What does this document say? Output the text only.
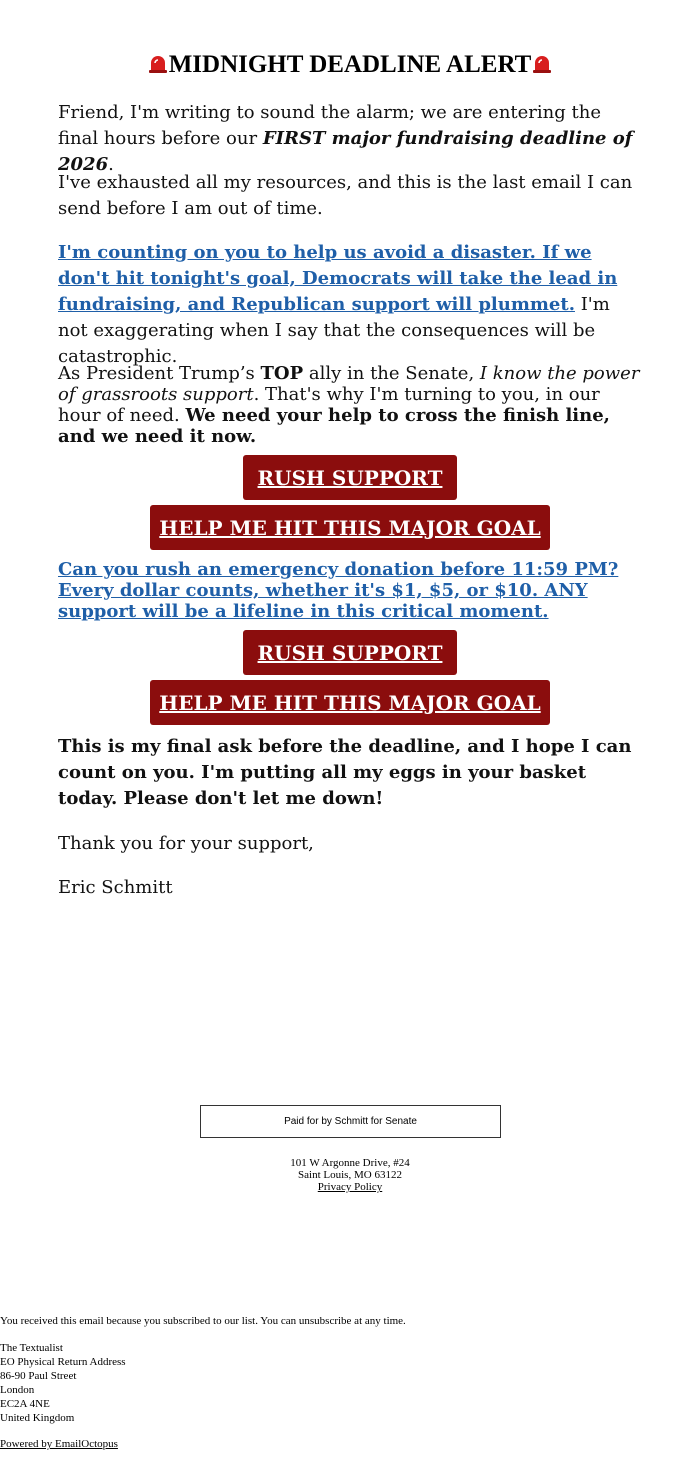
MIDNIGHT DEADLINE ALERT

Friend, I'm writing to sound the alarm; we are entering the final hours before our FIRST major fundraising deadline of 2026.

I've exhausted all my resources, and this is the last email I can send before I am out of time.

I'm counting on you to help us avoid a disaster. If we don't hit tonight's goal, Democrats will take the lead in fundraising, and Republican support will plummet. I'm not exaggerating when I say that the consequences will be catastrophic.

As President Trump’s TOP ally in the Senate, I know the power of grassroots support. That's why I'm turning to you, in our hour of need. We need your help to cross the finish line, and we need it now.

RUSH SUPPORT
HELP ME HIT THIS MAJOR GOAL

Can you rush an emergency donation before 11:59 PM? Every dollar counts, whether it's $1, $5, or $10. ANY support will be a lifeline in this critical moment.

RUSH SUPPORT
HELP ME HIT THIS MAJOR GOAL

This is my final ask before the deadline, and I hope I can count on you. I'm putting all my eggs in your basket today. Please don't let me down!

Thank you for your support,

Eric Schmitt

Paid for by Schmitt for Senate
101 W Argonne Drive, #24
Saint Louis, MO 63122
Privacy Policy
You received this email because you subscribed to our list. You can unsubscribe at any time.
The Textualist
EO Physical Return Address
86-90 Paul Street
London
EC2A 4NE
United Kingdom
Powered by EmailOctopus
